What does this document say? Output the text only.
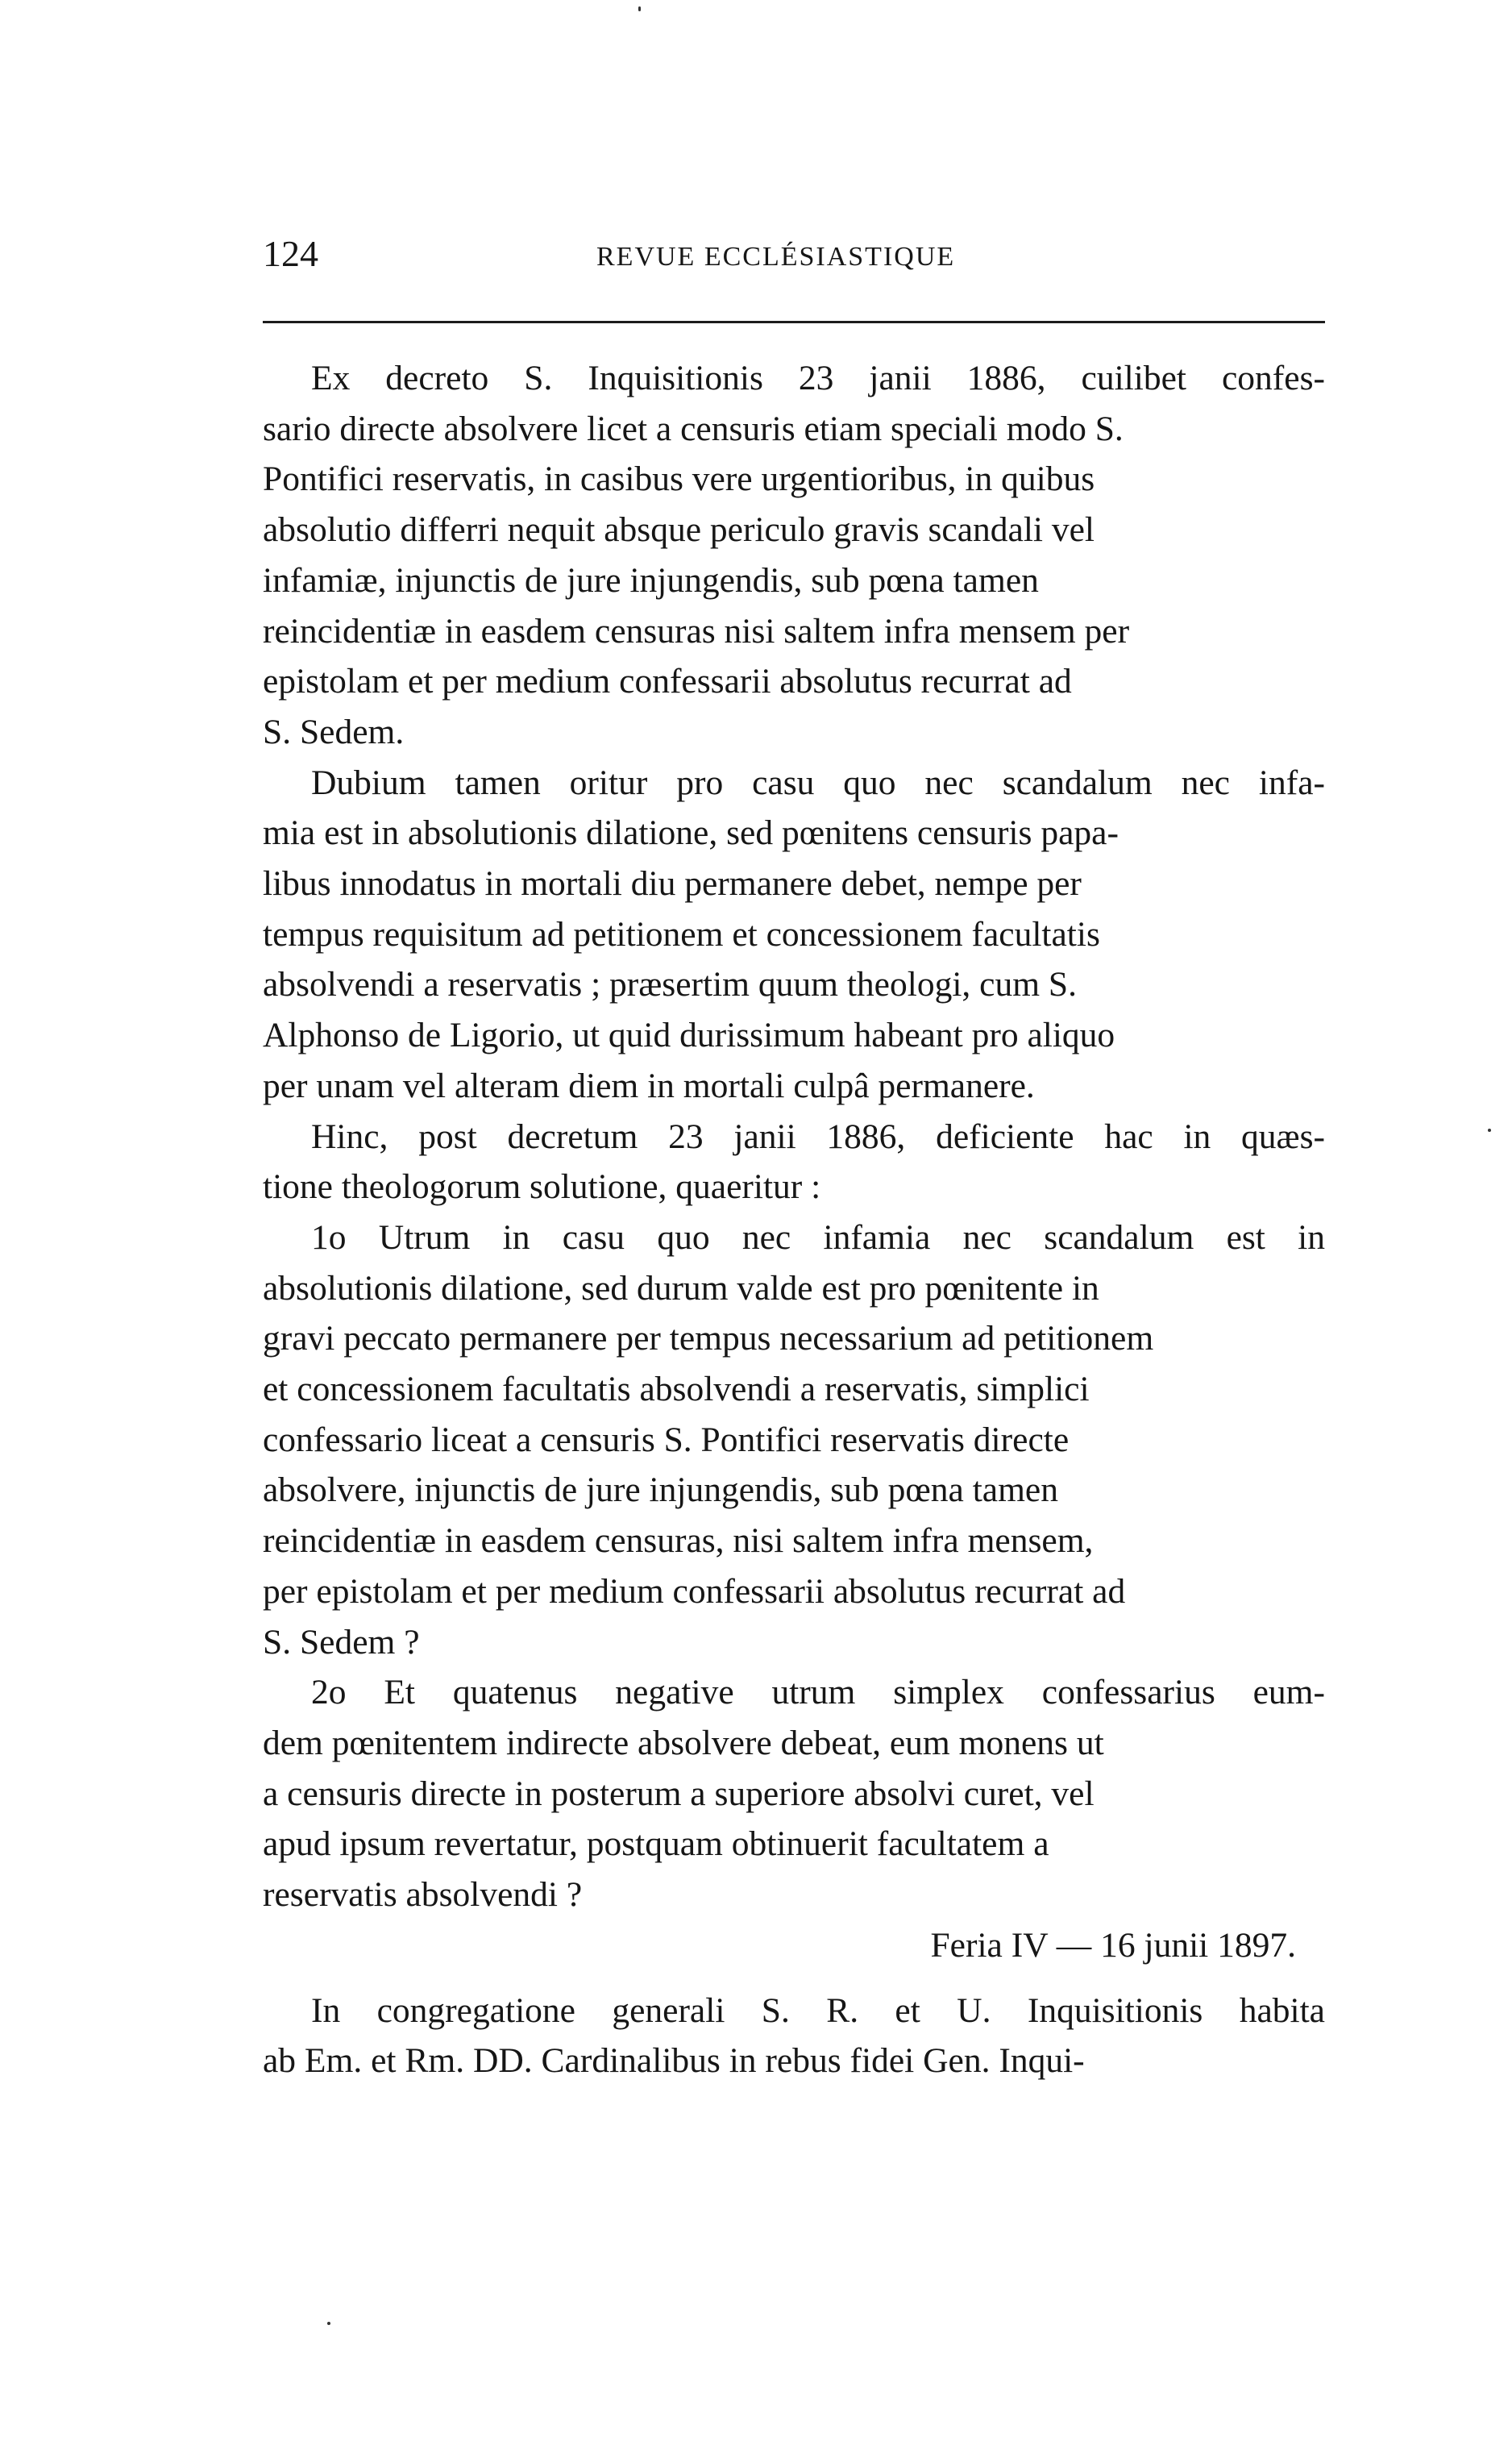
124	REVUE ECCLÉSIASTIQUE

Ex decreto S. Inquisitionis 23 janii 1886, cuilibet confes-
sario directe absolvere licet a censuris etiam speciali modo S.
Pontifici reservatis, in casibus vere urgentioribus, in quibus
absolutio differri nequit absque periculo gravis scandali vel
infamiæ, injunctis de jure injungendis, sub pœna tamen
reincidentiæ in easdem censuras nisi saltem infra mensem per
epistolam et per medium confessarii absolutus recurrat ad
S. Sedem.

Dubium tamen oritur pro casu quo nec scandalum nec infa-
mia est in absolutionis dilatione, sed pœnitens censuris papa-
libus innodatus in mortali diu permanere debet, nempe per
tempus requisitum ad petitionem et concessionem facultatis
absolvendi a reservatis ; præsertim quum theologi, cum S.
Alphonso de Ligorio, ut quid durissimum habeant pro aliquo
per unam vel alteram diem in mortali culpâ permanere.

Hinc, post decretum 23 janii 1886, deficiente hac in quæs-
tione theologorum solutione, quaeritur :

1o Utrum in casu quo nec infamia nec scandalum est in
absolutionis dilatione, sed durum valde est pro pœnitente in
gravi peccato permanere per tempus necessarium ad petitionem
et concessionem facultatis absolvendi a reservatis, simplici
confessario liceat a censuris S. Pontifici reservatis directe
absolvere, injunctis de jure injungendis, sub pœna tamen
reincidentiæ in easdem censuras, nisi saltem infra mensem,
per epistolam et per medium confessarii absolutus recurrat ad
S. Sedem ?

2o Et quatenus negative utrum simplex confessarius eum-
dem pœnitentem indirecte absolvere debeat, eum monens ut
a censuris directe in posterum a superiore absolvi curet, vel
apud ipsum revertatur, postquam obtinuerit facultatem a
reservatis absolvendi ?

Feria IV — 16 junii 1897.

In congregatione generali S. R. et U. Inquisitionis habita
ab Em. et Rm. DD. Cardinalibus in rebus fidei Gen. Inqui-
